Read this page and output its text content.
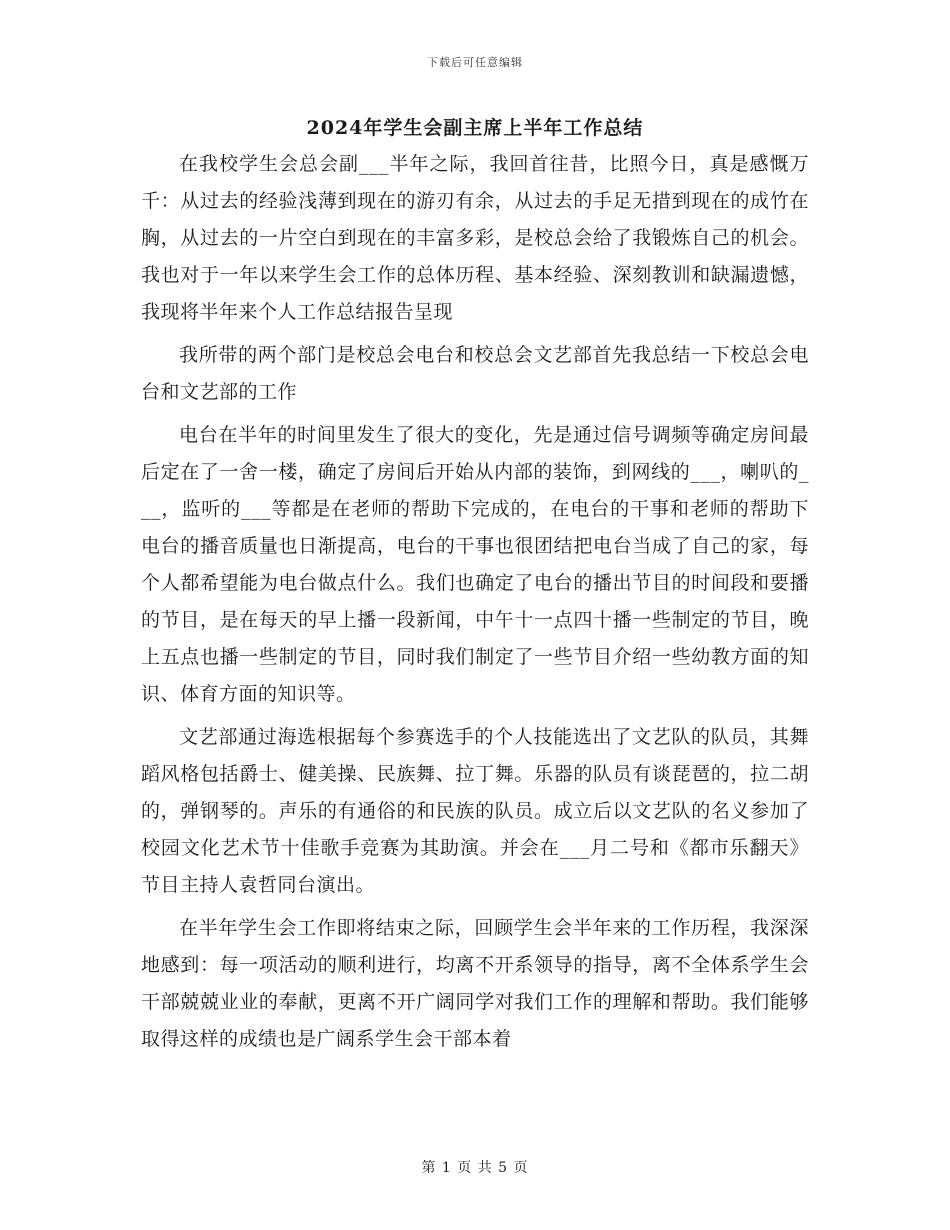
下载后可任意编辑
2024年学生会副主席上半年工作总结

在我校学生会总会副___半年之际，我回首往昔，比照今日，真是感慨万千：从过去的经验浅薄到现在的游刃有余，从过去的手足无措到现在的成竹在胸，从过去的一片空白到现在的丰富多彩，是校总会给了我锻炼自己的机会。我也对于一年以来学生会工作的总体历程、基本经验、深刻教训和缺漏遗憾，我现将半年来个人工作总结报告呈现

我所带的两个部门是校总会电台和校总会文艺部首先我总结一下校总会电台和文艺部的工作

电台在半年的时间里发生了很大的变化，先是通过信号调频等确定房间最后定在了一舍一楼，确定了房间后开始从内部的装饰，到网线的___，喇叭的___，监听的___等都是在老师的帮助下完成的，在电台的干事和老师的帮助下电台的播音质量也日渐提高，电台的干事也很团结把电台当成了自己的家，每个人都希望能为电台做点什么。我们也确定了电台的播出节目的时间段和要播的节目，是在每天的早上播一段新闻，中午十一点四十播一些制定的节目，晚上五点也播一些制定的节目，同时我们制定了一些节目介绍一些幼教方面的知识、体育方面的知识等。

文艺部通过海选根据每个参赛选手的个人技能选出了文艺队的队员，其舞蹈风格包括爵士、健美操、民族舞、拉丁舞。乐器的队员有谈琵琶的，拉二胡的，弹钢琴的。声乐的有通俗的和民族的队员。成立后以文艺队的名义参加了校园文化艺术节十佳歌手竞赛为其助演。并会在___月二号和《都市乐翻天》节目主持人袁哲同台演出。

在半年学生会工作即将结束之际，回顾学生会半年来的工作历程，我深深地感到：每一项活动的顺利进行，均离不开系领导的指导，离不全体系学生会干部兢兢业业的奉献，更离不开广阔同学对我们工作的理解和帮助。我们能够取得这样的成绩也是广阔系学生会干部本着

第 1 页 共 5 页
